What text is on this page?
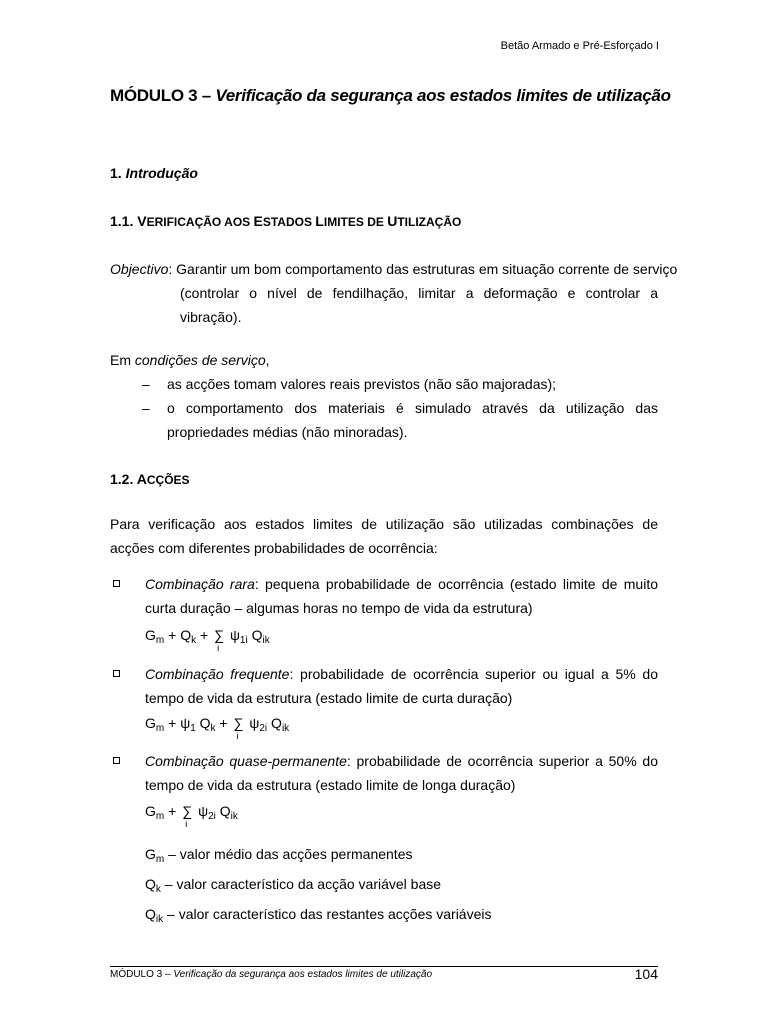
Betão Armado e Pré-Esforçado I
MÓDULO 3 – Verificação da segurança aos estados limites de utilização
1. Introdução
1.1. VERIFICAÇÃO AOS ESTADOS LIMITES DE UTILIZAÇÃO
Objectivo: Garantir um bom comportamento das estruturas em situação corrente de serviço
(controlar o nível de fendilhação, limitar a deformação e controlar a
vibração).
Em condições de serviço,
– as acções tomam valores reais previstos (não são majoradas);
– o comportamento dos materiais é simulado através da utilização das
propriedades médias (não minoradas).
1.2. ACÇÕES
Para verificação aos estados limites de utilização são utilizadas combinações de
acções com diferentes probabilidades de ocorrência:
Combinação rara: pequena probabilidade de ocorrência (estado limite de muito
curta duração – algumas horas no tempo de vida da estrutura)
$G_m + Q_k$ + ∑
i
$\psi_{1i}$ $Q_{ik}$
Combinação frequente: probabilidade de ocorrência superior ou igual a 5% do
tempo de vida da estrutura (estado limite de curta duração)
$G_m + \psi_1$ $Q_k$ + ∑
i
$\psi_{2i}$ $Q_{ik}$
Combinação quase-permanente: probabilidade de ocorrência superior a 50% do
tempo de vida da estrutura (estado limite de longa duração)
$G_m$ + ∑
i
$\psi_{2i}$ $Q_{ik}$
$G_m$ – valor médio das acções permanentes
$Q_k$ – valor característico da acção variável base
$Q_{ik}$ – valor característico das restantes acções variáveis
MÓDULO 3 – Verificação da segurança aos estados limites de utilização	104
